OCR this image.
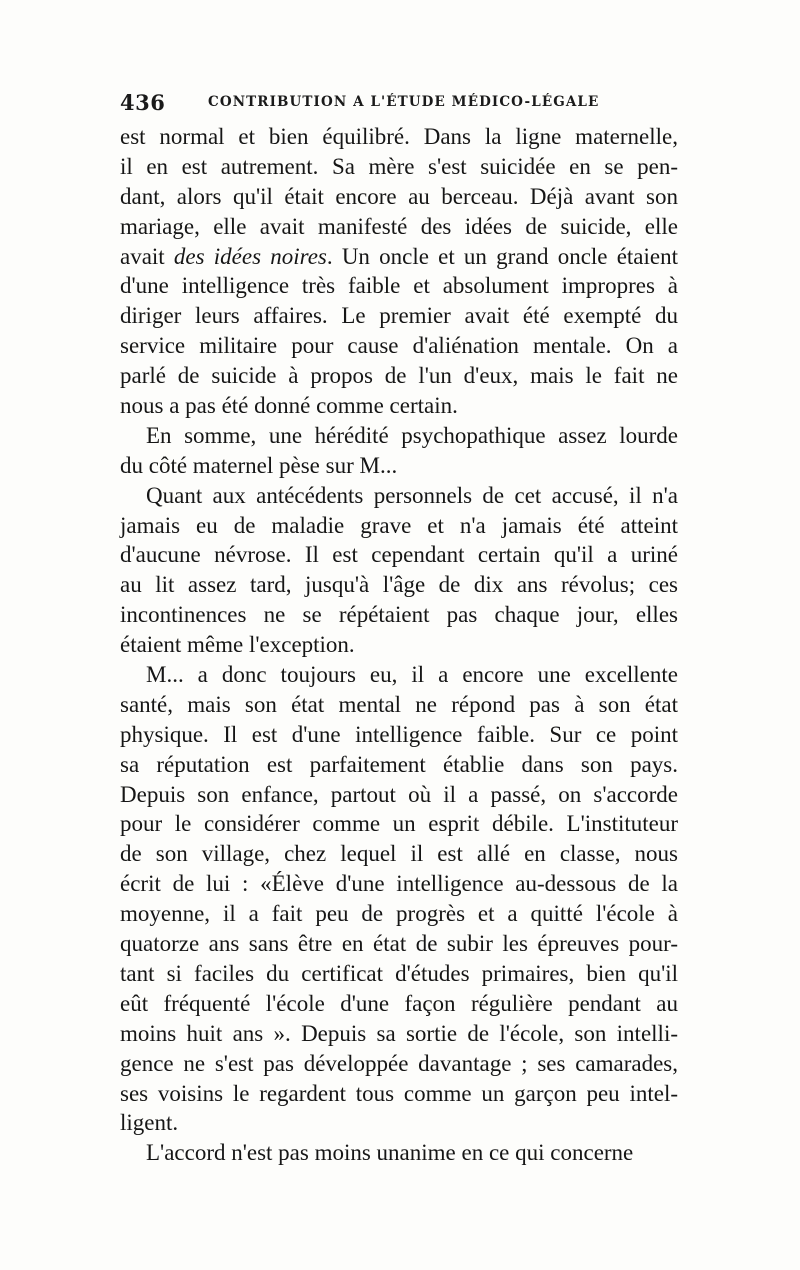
436	CONTRIBUTION A L'ÉTUDE MÉDICO-LÉGALE

est normal et bien équilibré. Dans la ligne maternelle,
il en est autrement. Sa mère s'est suicidée en se pen-
dant, alors qu'il était encore au berceau. Déjà avant son
mariage, elle avait manifesté des idées de suicide, elle
avait des idées noires. Un oncle et un grand oncle étaient
d'une intelligence très faible et absolument impropres à
diriger leurs affaires. Le premier avait été exempté du
service militaire pour cause d'aliénation mentale. On a
parlé de suicide à propos de l'un d'eux, mais le fait ne
nous a pas été donné comme certain.

En somme, une hérédité psychopathique assez lourde
du côté maternel pèse sur M...

Quant aux antécédents personnels de cet accusé, il n'a
jamais eu de maladie grave et n'a jamais été atteint
d'aucune névrose. Il est cependant certain qu'il a uriné
au lit assez tard, jusqu'à l'âge de dix ans révolus; ces
incontinences ne se répétaient pas chaque jour, elles
étaient même l'exception.

M... a donc toujours eu, il a encore une excellente
santé, mais son état mental ne répond pas à son état
physique. Il est d'une intelligence faible. Sur ce point
sa réputation est parfaitement établie dans son pays.
Depuis son enfance, partout où il a passé, on s'accorde
pour le considérer comme un esprit débile. L'instituteur
de son village, chez lequel il est allé en classe, nous
écrit de lui : «Élève d'une intelligence au-dessous de la
moyenne, il a fait peu de progrès et a quitté l'école à
quatorze ans sans être en état de subir les épreuves pour-
tant si faciles du certificat d'études primaires, bien qu'il
eût fréquenté l'école d'une façon régulière pendant au
moins huit ans ». Depuis sa sortie de l'école, son intelli-
gence ne s'est pas développée davantage ; ses camarades,
ses voisins le regardent tous comme un garçon peu intel-
ligent.

L'accord n'est pas moins unanime en ce qui concerne
